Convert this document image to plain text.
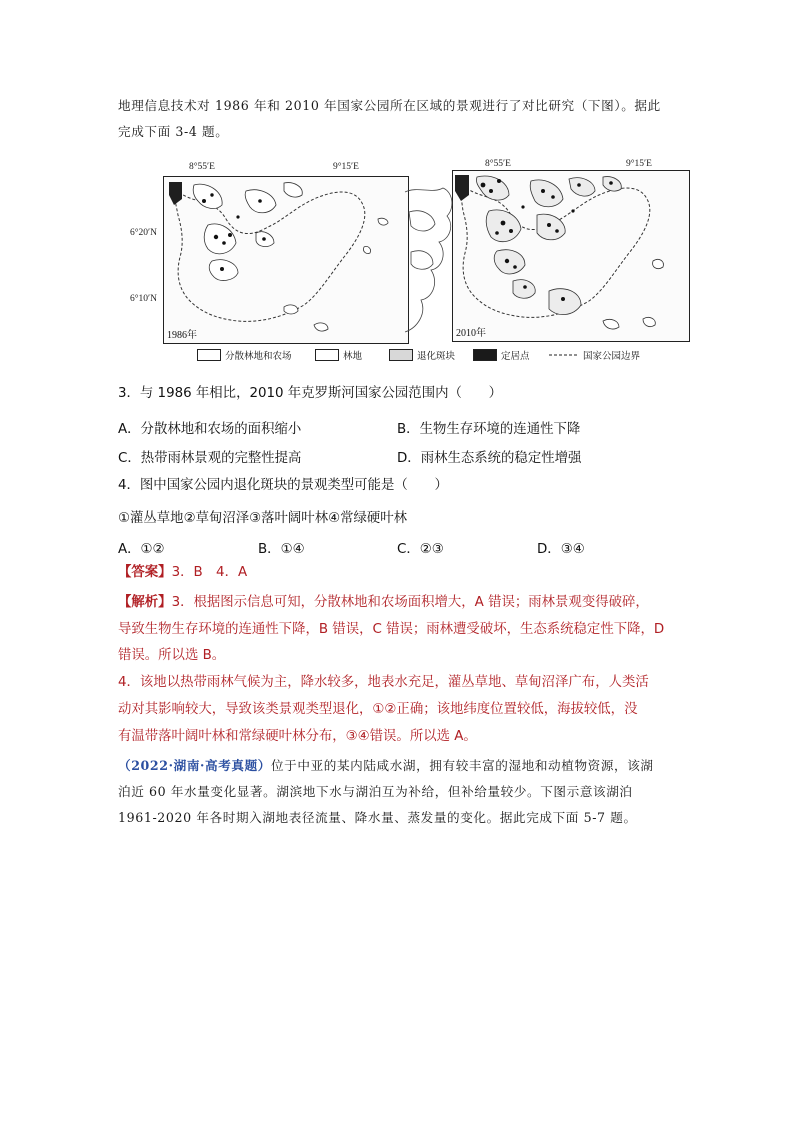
地理信息技术对 1986 年和 2010 年国家公园所在区域的景观进行了对比研究（下图）。据此
完成下面 3-4 题。
8°55′E	9°15′E	8°55′E	9°15′E
1986年
6°20′N
6°10′N
2010年
分散林地和农场	林地	退化斑块	定居点	国家公园边界
3．与 1986 年相比，2010 年克罗斯河国家公园范围内（　　）
A．分散林地和农场的面积缩小	B．生物生存环境的连通性下降
C．热带雨林景观的完整性提高	D．雨林生态系统的稳定性增强
4．图中国家公园内退化斑块的景观类型可能是（　　）
①灌丛草地②草甸沼泽③落叶阔叶林④常绿硬叶林
A．①②	B．①④	C．②③	D．③④
【答案】3．B　4．A
【解析】3．根据图示信息可知，分散林地和农场面积增大，A 错误；雨林景观变得破碎，
导致生物生存环境的连通性下降，B 错误，C 错误；雨林遭受破坏，生态系统稳定性下降，D
错误。所以选 B。
4．该地以热带雨林气候为主，降水较多，地表水充足，灌丛草地、草甸沼泽广布，人类活
动对其影响较大，导致该类景观类型退化，①②正确；该地纬度位置较低，海拔较低，没
有温带落叶阔叶林和常绿硬叶林分布，③④错误。所以选 A。
（2022·湖南·高考真题）位于中亚的某内陆咸水湖，拥有较丰富的湿地和动植物资源，该湖
泊近 60 年水量变化显著。湖滨地下水与湖泊互为补给，但补给量较少。下图示意该湖泊
1961-2020 年各时期入湖地表径流量、降水量、蒸发量的变化。据此完成下面 5-7 题。
